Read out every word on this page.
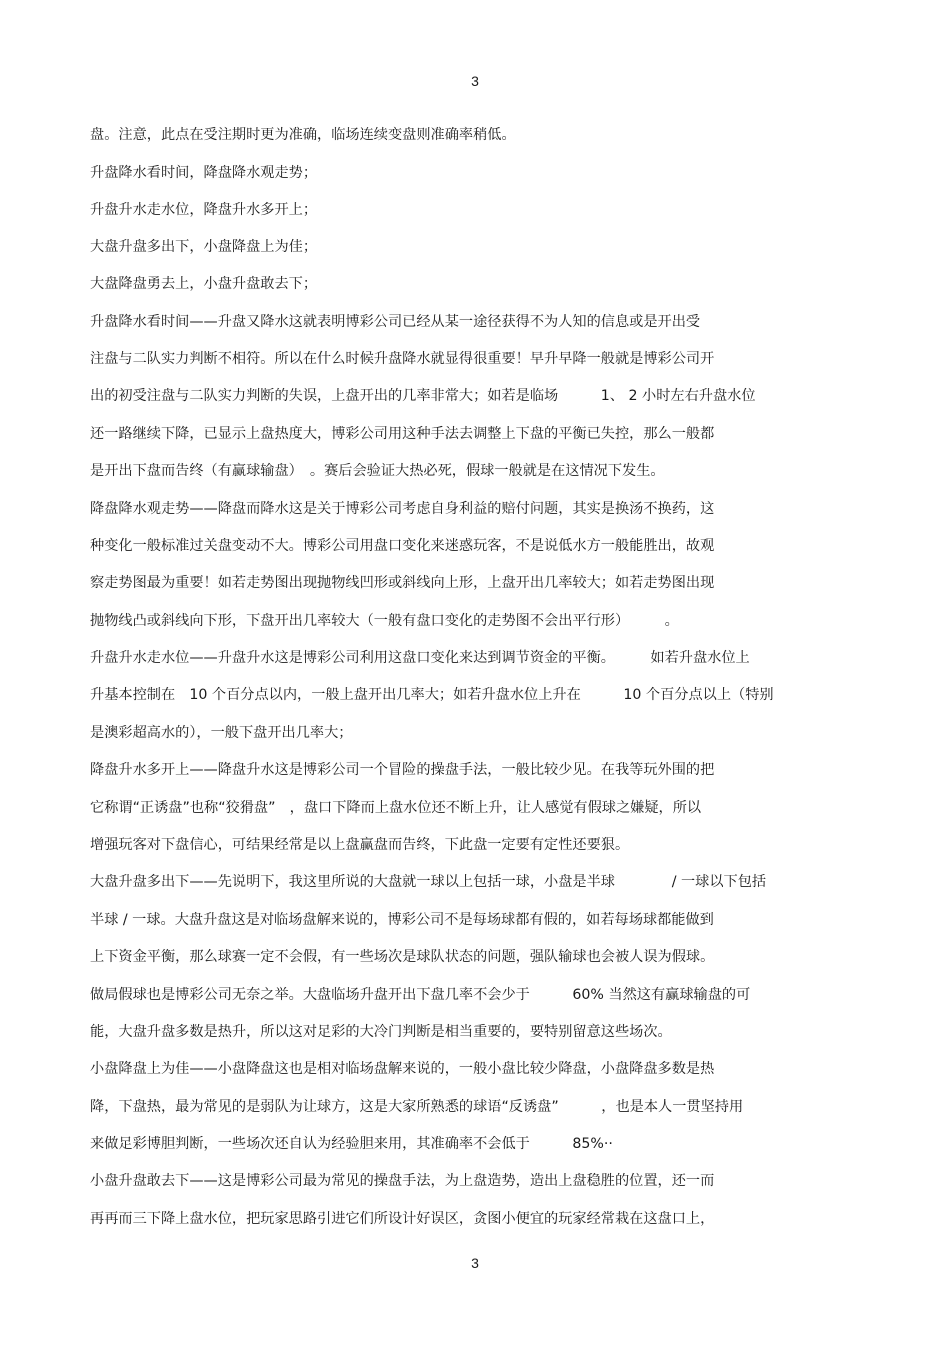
3
盘。注意，此点在受注期时更为准确，临场连续变盘则准确率稍低。
升盘降水看时间，降盘降水观走势；
升盘升水走水位，降盘升水多开上；
大盘升盘多出下，小盘降盘上为佳；
大盘降盘勇去上，小盘升盘敢去下；
升盘降水看时间——升盘又降水这就表明博彩公司已经从某一途径获得不为人知的信息或是开出受
注盘与二队实力判断不相符。所以在什么时候升盘降水就显得很重要！早升早降一般就是博彩公司开
出的初受注盘与二队实力判断的失误，上盘开出的几率非常大；如若是临场　　　1、 2 小时左右升盘水位
还一路继续下降，已显示上盘热度大，博彩公司用这种手法去调整上下盘的平衡已失控，那么一般都
是开出下盘而告终（有赢球输盘）　。赛后会验证大热必死，假球一般就是在这情况下发生。
降盘降水观走势——降盘而降水这是关于博彩公司考虑自身利益的赔付问题，其实是换汤不换药，这
种变化一般标准过关盘变动不大。博彩公司用盘口变化来迷惑玩客，不是说低水方一般能胜出，故观
察走势图最为重要！如若走势图出现抛物线凹形或斜线向上形，上盘开出几率较大；如若走势图出现
抛物线凸或斜线向下形，下盘开出几率较大（一般有盘口变化的走势图不会出平行形）　　　。
升盘升水走水位——升盘升水这是博彩公司利用这盘口变化来达到调节资金的平衡。　　　如若升盘水位上
升基本控制在　10 个百分点以内，一般上盘开出几率大；如若升盘水位上升在　　　10 个百分点以上（特别
是澳彩超高水的），一般下盘开出几率大；
降盘升水多开上——降盘升水这是博彩公司一个冒险的操盘手法，一般比较少见。在我等玩外围的把
它称谓“正诱盘”也称“狡猾盘”　，盘口下降而上盘水位还不断上升，让人感觉有假球之嫌疑，所以
增强玩客对下盘信心，可结果经常是以上盘赢盘而告终，下此盘一定要有定性还要狠。
大盘升盘多出下——先说明下，我这里所说的大盘就一球以上包括一球，小盘是半球　　　　/ 一球以下包括
半球 / 一球。大盘升盘这是对临场盘解来说的，博彩公司不是每场球都有假的，如若每场球都能做到
上下资金平衡，那么球赛一定不会假，有一些场次是球队状态的问题，强队输球也会被人误为假球。
做局假球也是博彩公司无奈之举。大盘临场升盘开出下盘几率不会少于　　　60% 当然这有赢球输盘的可
能，大盘升盘多数是热升，所以这对足彩的大冷门判断是相当重要的，要特别留意这些场次。
小盘降盘上为佳——小盘降盘这也是相对临场盘解来说的，一般小盘比较少降盘，小盘降盘多数是热
降，下盘热，最为常见的是弱队为让球方，这是大家所熟悉的球语“反诱盘”　　　，也是本人一贯坚持用
来做足彩博胆判断，一些场次还自认为经验胆来用，其准确率不会低于　　　85%··
小盘升盘敢去下——这是博彩公司最为常见的操盘手法，为上盘造势，造出上盘稳胜的位置，还一而
再再而三下降上盘水位，把玩家思路引进它们所设计好误区，贪图小便宜的玩家经常栽在这盘口上，
3
